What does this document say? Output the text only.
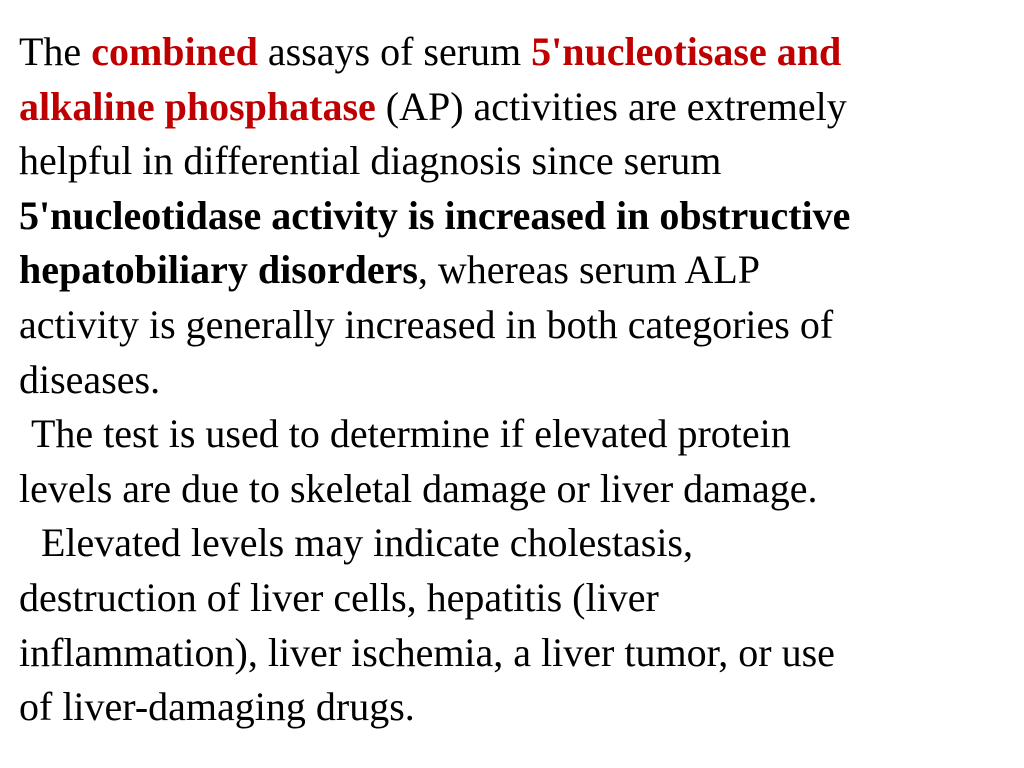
The combined assays of serum 5'nucleotisase and
alkaline phosphatase (AP) activities are extremely
helpful in differential diagnosis since serum
5'nucleotidase activity is increased in obstructive
hepatobiliary disorders, whereas serum ALP
activity is generally increased in both categories of
diseases.
The test is used to determine if elevated protein
levels are due to skeletal damage or liver damage.
Elevated levels may indicate cholestasis,
destruction of liver cells, hepatitis (liver
inflammation), liver ischemia, a liver tumor, or use
of liver-damaging drugs.
